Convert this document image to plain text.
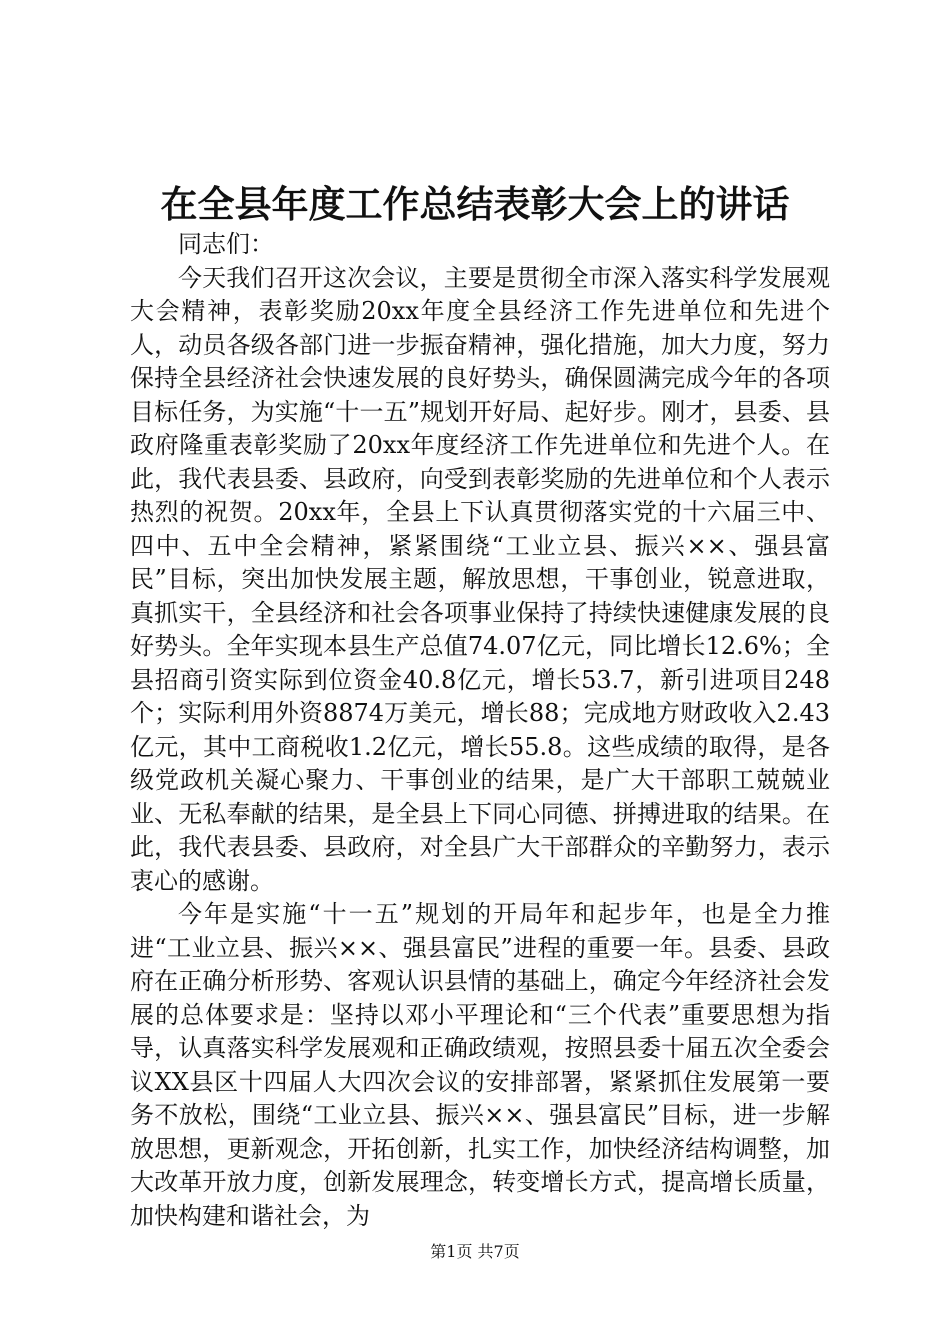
在全县年度工作总结表彰大会上的讲话

同志们：

今天我们召开这次会议，主要是贯彻全市深入落实科学发展观大会精神，表彰奖励20xx年度全县经济工作先进单位和先进个人，动员各级各部门进一步振奋精神，强化措施，加大力度，努力保持全县经济社会快速发展的良好势头，确保圆满完成今年的各项目标任务，为实施“十一五”规划开好局、起好步。刚才，县委、县政府隆重表彰奖励了20xx年度经济工作先进单位和先进个人。在此，我代表县委、县政府，向受到表彰奖励的先进单位和个人表示热烈的祝贺。20xx年，全县上下认真贯彻落实党的十六届三中、四中、五中全会精神，紧紧围绕“工业立县、振兴××、强县富民”目标，突出加快发展主题，解放思想，干事创业，锐意进取，真抓实干，全县经济和社会各项事业保持了持续快速健康发展的良好势头。全年实现本县生产总值74.07亿元，同比增长12.6%；全县招商引资实际到位资金40.8亿元，增长53.7，新引进项目248个；实际利用外资8874万美元，增长88；完成地方财政收入2.43亿元，其中工商税收1.2亿元，增长55.8。这些成绩的取得，是各级党政机关凝心聚力、干事创业的结果，是广大干部职工兢兢业业、无私奉献的结果，是全县上下同心同德、拼搏进取的结果。在此，我代表县委、县政府，对全县广大干部群众的辛勤努力，表示衷心的感谢。

今年是实施“十一五”规划的开局年和起步年，也是全力推进“工业立县、振兴××、强县富民”进程的重要一年。县委、县政府在正确分析形势、客观认识县情的基础上，确定今年经济社会发展的总体要求是：坚持以邓小平理论和“三个代表”重要思想为指导，认真落实科学发展观和正确政绩观，按照县委十届五次全委会议XX县区十四届人大四次会议的安排部署，紧紧抓住发展第一要务不放松，围绕“工业立县、振兴××、强县富民”目标，进一步解放思想，更新观念，开拓创新，扎实工作，加快经济结构调整，加大改革开放力度，创新发展理念，转变增长方式，提高增长质量，加快构建和谐社会，为

第1页 共7页
